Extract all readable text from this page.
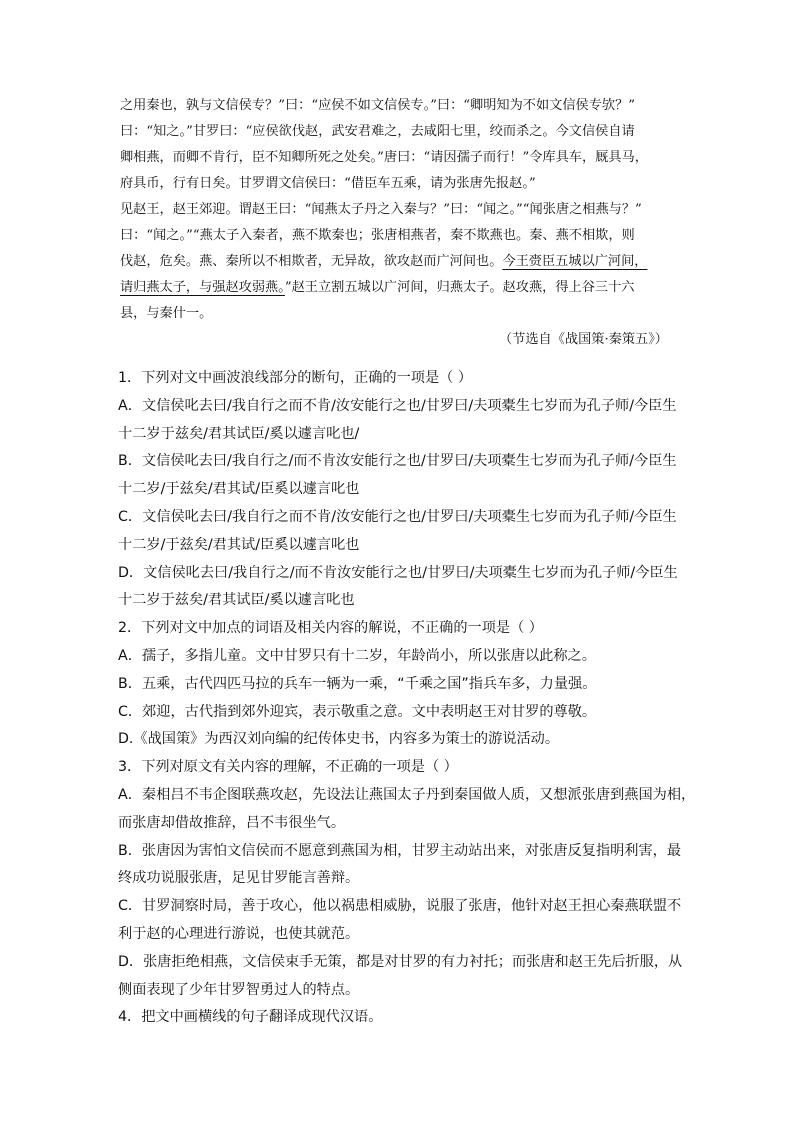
之用秦也，孰与文信侯专？”曰：“应侯不如文信侯专。”曰：“卿明知为不如文信侯专欤？”
曰：“知之。”甘罗曰：“应侯欲伐赵，武安君难之，去咸阳七里，绞而杀之。今文信侯自请
卿相燕，而卿不肯行，臣不知卿所死之处矣。”唐曰：“请因孺子而行！”令库具车，厩具马，
府具币，行有日矣。甘罗谓文信侯曰：“借臣车五乘，请为张唐先报赵。”
见赵王，赵王郊迎。谓赵王曰：“闻燕太子丹之入秦与？”曰：“闻之。”“闻张唐之相燕与？”
曰：“闻之。”“燕太子入秦者，燕不欺秦也；张唐相燕者，秦不欺燕也。秦、燕不相欺，则
伐赵，危矣。燕、秦所以不相欺者，无异故，欲攻赵而广河间也。今王赍臣五城以广河间，
请归燕太子，与强赵攻弱燕。”赵王立割五城以广河间，归燕太子。赵攻燕，得上谷三十六
县，与秦什一。
（节选自《战国策·秦策五》）
1．下列对文中画波浪线部分的断句，正确的一项是（ ）
A．文信侯叱去曰/我自行之而不肯/汝安能行之也/甘罗曰/夫项橐生七岁而为孔子师/今臣生
十二岁于兹矣/君其试臣/奚以遽言叱也/
B．文信侯叱去曰/我自行之/而不肯汝安能行之也/甘罗曰/夫项橐生七岁而为孔子师/今臣生
十二岁/于兹矣/君其试/臣奚以遽言叱也
C．文信侯叱去曰/我自行之而不肯/汝安能行之也/甘罗曰/夫项橐生七岁而为孔子师/今臣生
十二岁/于兹矣/君其试/臣奚以遽言叱也
D．文信侯叱去曰/我自行之/而不肯汝安能行之也/甘罗曰/夫项橐生七岁而为孔子师/今臣生
十二岁于兹矣/君其试臣/奚以遽言叱也
2．下列对文中加点的词语及相关内容的解说，不正确的一项是（ ）
A．孺子，多指儿童。文中甘罗只有十二岁，年龄尚小，所以张唐以此称之。
B．五乘，古代四匹马拉的兵车一辆为一乘，“千乘之国”指兵车多，力量强。
C．郊迎，古代指到郊外迎宾，表示敬重之意。文中表明赵王对甘罗的尊敬。
D.《战国策》为西汉刘向编的纪传体史书，内容多为策士的游说活动。
3．下列对原文有关内容的理解，不正确的一项是（ ）
A．秦相吕不韦企图联燕攻赵，先设法让燕国太子丹到秦国做人质，又想派张唐到燕国为相，
而张唐却借故推辞，吕不韦很坐气。
B．张唐因为害怕文信侯而不愿意到燕国为相，甘罗主动站出来，对张唐反复指明利害，最
终成功说服张唐，足见甘罗能言善辩。
C．甘罗洞察时局，善于攻心，他以祸患相威胁，说服了张唐，他针对赵王担心秦燕联盟不
利于赵的心理进行游说，也使其就范。
D．张唐拒绝相燕，文信侯束手无策，都是对甘罗的有力衬托；而张唐和赵王先后折服，从
侧面表现了少年甘罗智勇过人的特点。
4．把文中画横线的句子翻译成现代汉语。
